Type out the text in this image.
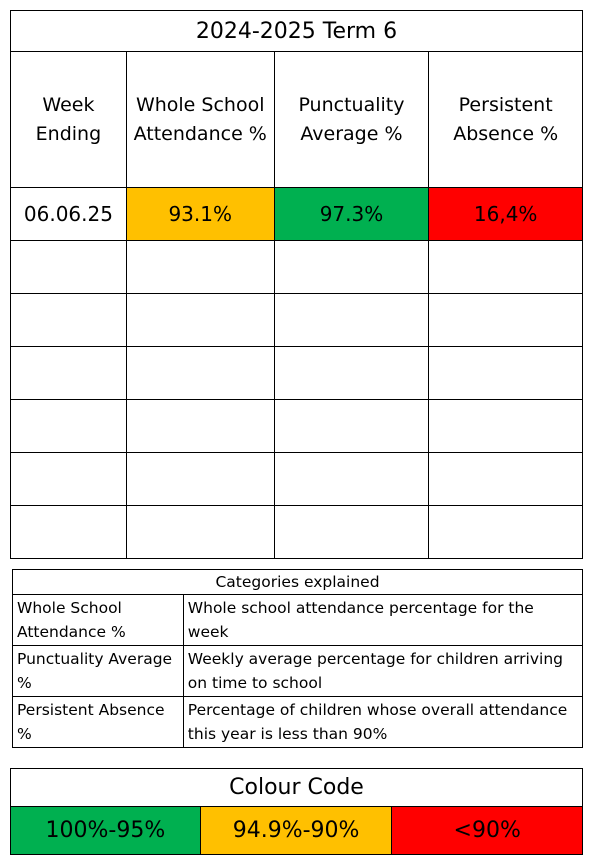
2024-2025 Term 6			
Week Ending	Whole School Attendance %	Punctuality Average %	Persistent Absence %
06.06.25	93.1%	97.3%	16,4%

Categories explained	
Whole School Attendance %	Whole school attendance percentage for the week
Punctuality Average %	Weekly average percentage for children arriving on time to school
Persistent Absence %	Percentage of children whose overall attendance this year is less than 90%
Colour Code
100%-95%	94.9%-90%	<90%
